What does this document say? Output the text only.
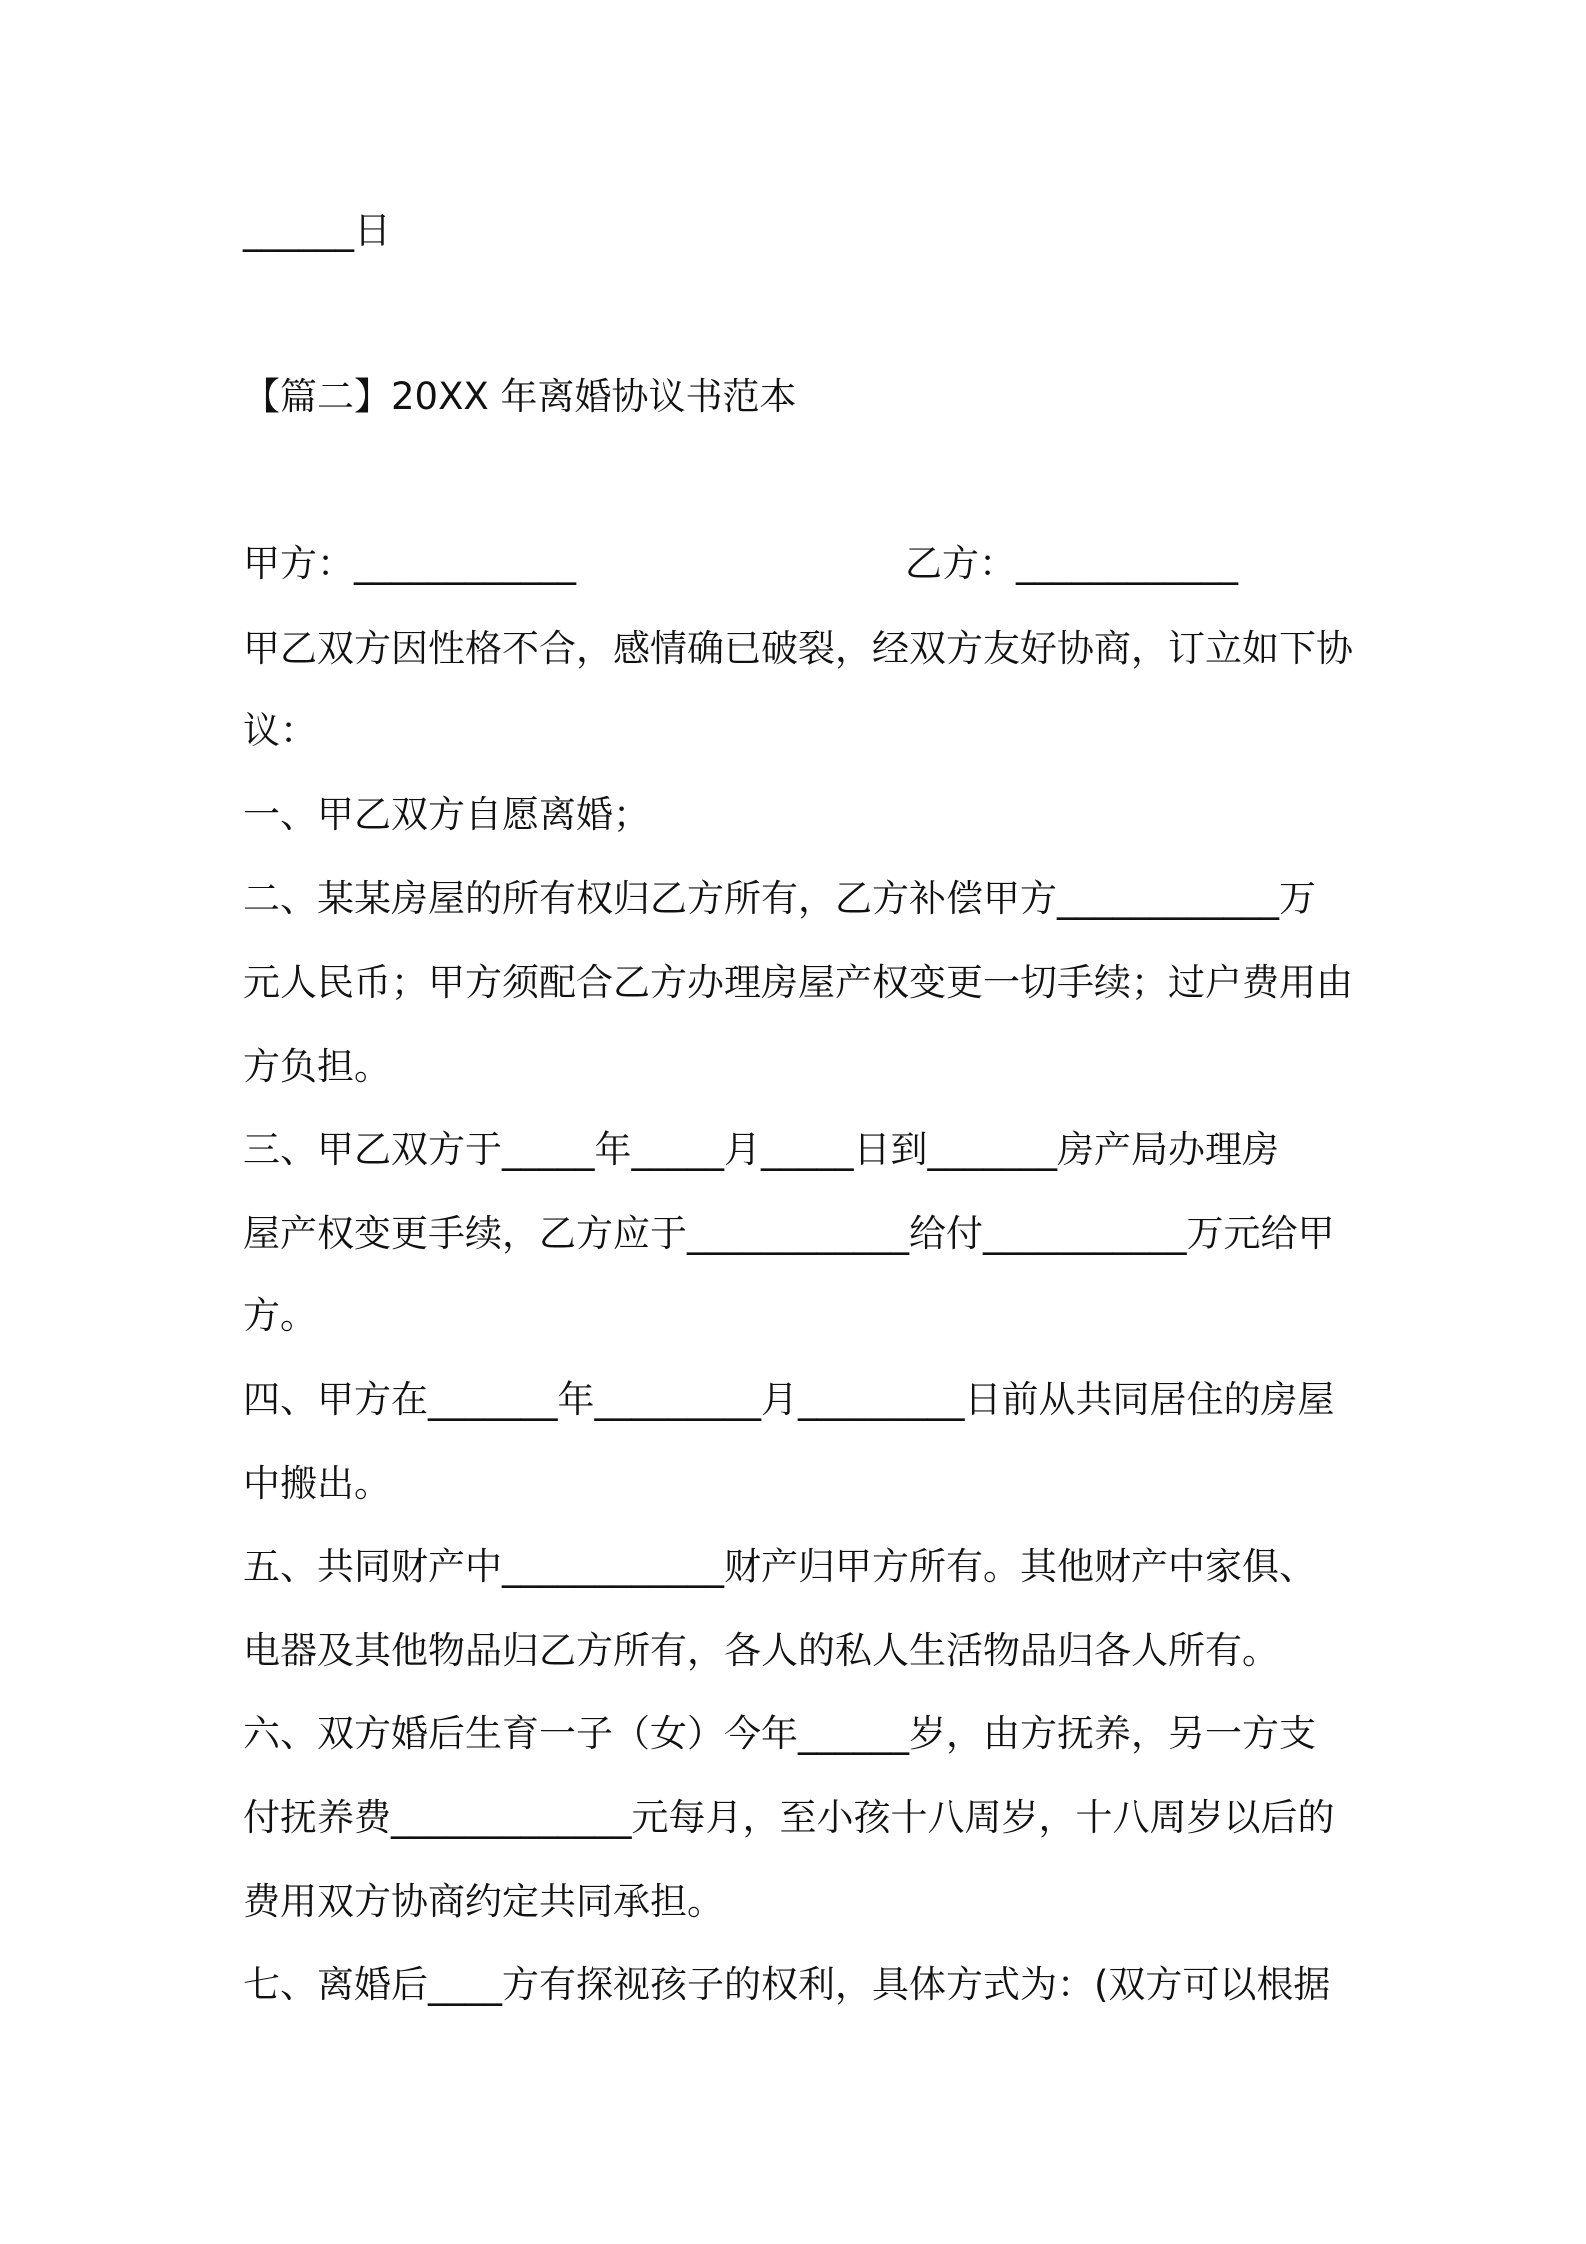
______日
【篇二】20XX 年离婚协议书范本
甲方：____________	乙方：____________
甲乙双方因性格不合，感情确已破裂，经双方友好协商，订立如下协
议：
一、甲乙双方自愿离婚；
二、某某房屋的所有权归乙方所有，乙方补偿甲方____________万
元人民币；甲方须配合乙方办理房屋产权变更一切手续；过户费用由
方负担。
三、甲乙双方于_____年_____月_____日到_______房产局办理房
屋产权变更手续，乙方应于____________给付___________万元给甲
方。
四、甲方在_______年_________月_________日前从共同居住的房屋
中搬出。
五、共同财产中____________财产归甲方所有。其他财产中家俱、
电器及其他物品归乙方所有，各人的私人生活物品归各人所有。
六、双方婚后生育一子（女）今年______岁，由方抚养，另一方支
付抚养费_____________元每月，至小孩十八周岁，十八周岁以后的
费用双方协商约定共同承担。
七、离婚后____方有探视孩子的权利，具体方式为：(双方可以根据
